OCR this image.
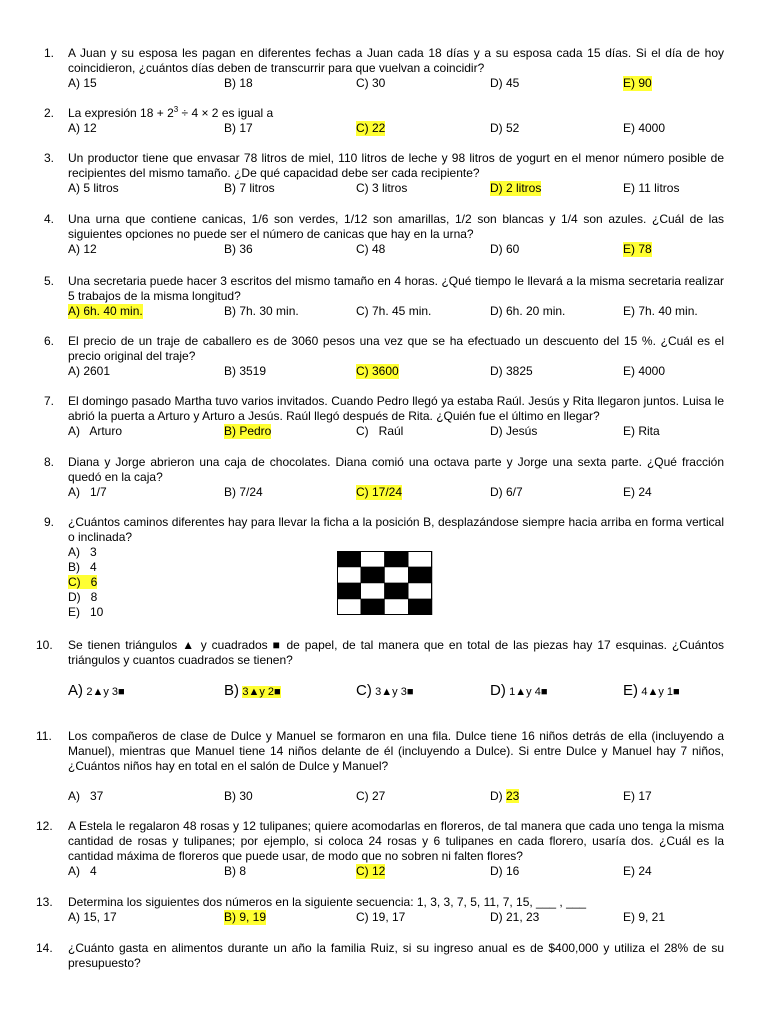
1.	A Juan y su esposa les pagan en diferentes fechas a Juan cada 18 días y a su esposa cada 15 días. Si el día de hoy coincidieron, ¿cuántos días deben de transcurrir para que vuelvan a coincidir?
A) 15	B) 18	C) 30	D) 45	E) 90
2.	La expresión $18 + 2^3 \div 4 \times 2$ es igual a
A) 12	B) 17	C) 22	D) 52	E) 4000
3.	Un productor tiene que envasar 78 litros de miel, 110 litros de leche y 98 litros de yogurt en el menor número posible de recipientes del mismo tamaño. ¿De qué capacidad debe ser cada recipiente?
A) 5 litros	B) 7 litros	C) 3 litros	D) 2 litros	E) 11 litros
4.	Una urna que contiene canicas, 1/6 son verdes, 1/12 son amarillas, 1/2 son blancas y 1/4 son azules. ¿Cuál de las siguientes opciones no puede ser el número de canicas que hay en la urna?
A) 12	B) 36	C) 48	D) 60	E) 78
5.	Una secretaria puede hacer 3 escritos del mismo tamaño en 4 horas. ¿Qué tiempo le llevará a la misma secretaria realizar 5 trabajos de la misma longitud?
A) 6h. 40 min.	B) 7h. 30 min.	C) 7h. 45 min.	D) 6h. 20 min.	E) 7h. 40 min.
6.	El precio de un traje de caballero es de 3060 pesos una vez que se ha efectuado un descuento del 15 %. ¿Cuál es el precio original del traje?
A) 2601	B) 3519	C) 3600	D) 3825	E) 4000
7.	El domingo pasado Martha tuvo varios invitados. Cuando Pedro llegó ya estaba Raúl. Jesús y Rita llegaron juntos. Luisa le abrió la puerta a Arturo y Arturo a Jesús. Raúl llegó después de Rita. ¿Quién fue el último en llegar?
A)   Arturo	B) Pedro	C)   Raúl	D) Jesús	E) Rita
8.	Diana y Jorge abrieron una caja de chocolates. Diana comió una octava parte y Jorge una sexta parte. ¿Qué fracción quedó en la caja?
A)   1/7	B) 7/24	C) 17/24	D) 6/7	E) 24
9.	¿Cuántos caminos diferentes hay para llevar la ficha a la posición B, desplazándose siempre hacia arriba en forma vertical o inclinada?
A)   3
B)   4
C)   6
D)   8
E)   10
B
●
10.	Se tienen triángulos ▲ y cuadrados ■ de papel, de tal manera que en total de las piezas hay 17 esquinas. ¿Cuántos triángulos y cuantos cuadrados se tienen?
A) 2▲y 3■	B) 3▲y 2■	C) 3▲y 3■	D) 1▲y 4■	E) 4▲y 1■
11.	Los compañeros de clase de Dulce y Manuel se formaron en una fila. Dulce tiene 16 niños detrás de ella (incluyendo a Manuel), mientras que Manuel tiene 14 niños delante de él (incluyendo a Dulce). Si entre Dulce y Manuel hay 7 niños, ¿Cuántos niños hay en total en el salón de Dulce y Manuel?
A)   37	B) 30	C) 27	D) 23	E) 17
12.	A Estela le regalaron 48 rosas y 12 tulipanes; quiere acomodarlas en floreros, de tal manera que cada uno tenga la misma cantidad de rosas y tulipanes; por ejemplo, si coloca 24 rosas y 6 tulipanes en cada florero, usaría dos. ¿Cuál es la cantidad máxima de floreros que puede usar, de modo que no sobren ni falten flores?
A)   4	B) 8	C) 12	D) 16	E) 24
13.	Determina los siguientes dos números en la siguiente secuencia: 1, 3, 3, 7, 5, 11, 7, 15, ___ , ___
A) 15, 17	B) 9, 19	C) 19, 17	D) 21, 23	E) 9, 21
14.	¿Cuánto gasta en alimentos durante un año la familia Ruiz, si su ingreso anual es de $400,000 y utiliza el 28% de su presupuesto?
